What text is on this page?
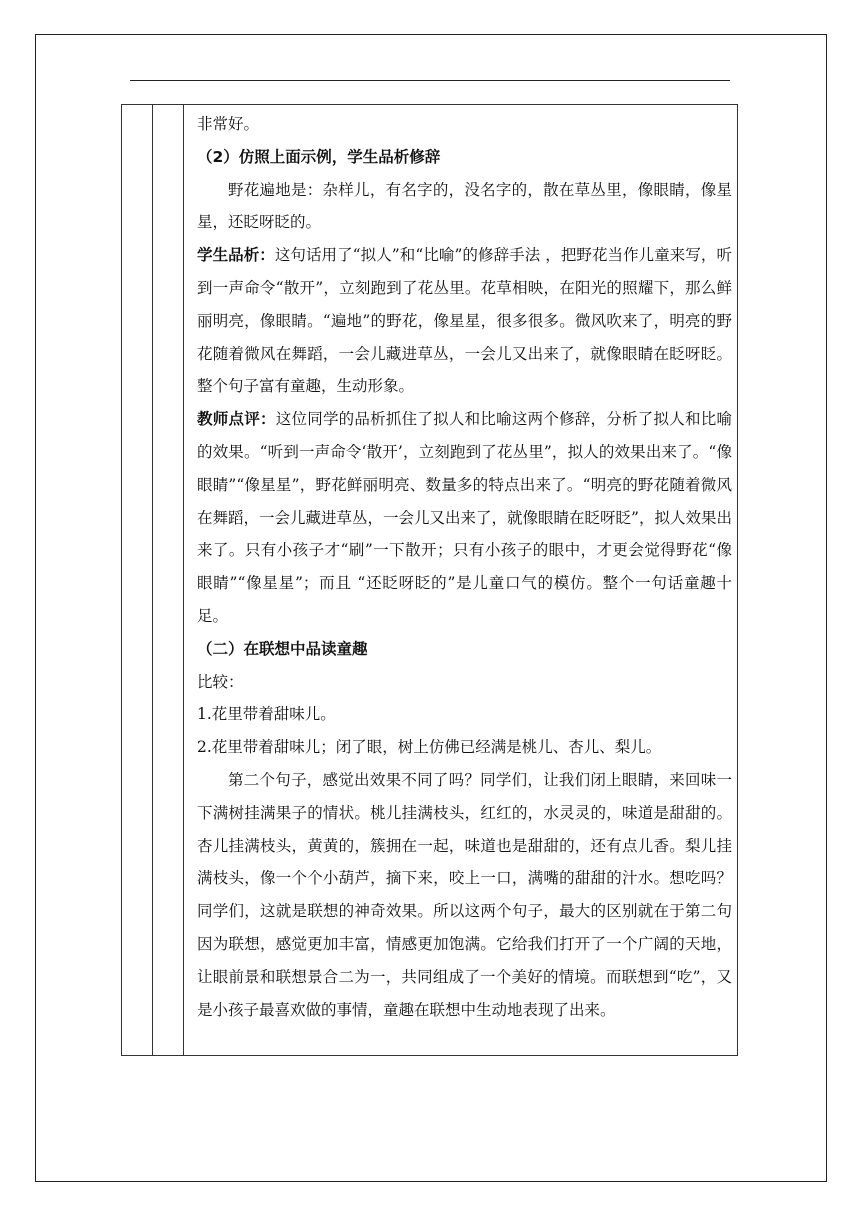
非常好。

（2）仿照上面示例，学生品析修辞

野花遍地是：杂样儿，有名字的，没名字的，散在草丛里，像眼睛，像星星，还眨呀眨的。

学生品析：这句话用了“拟人”和“比喻”的修辞手法 ，把野花当作儿童来写，听到一声命令“散开”，立刻跑到了花丛里。花草相映，在阳光的照耀下，那么鲜丽明亮，像眼睛。“遍地”的野花，像星星，很多很多。微风吹来了，明亮的野花随着微风在舞蹈，一会儿藏进草丛，一会儿又出来了，就像眼睛在眨呀眨。整个句子富有童趣，生动形象。

教师点评：这位同学的品析抓住了拟人和比喻这两个修辞，分析了拟人和比喻的效果。“听到一声命令‘散开’，立刻跑到了花丛里”，拟人的效果出来了。“像眼睛”“像星星”，野花鲜丽明亮、数量多的特点出来了。“明亮的野花随着微风在舞蹈，一会儿藏进草丛，一会儿又出来了，就像眼睛在眨呀眨”，拟人效果出来了。只有小孩子才“刷”一下散开；只有小孩子的眼中，才更会觉得野花“像眼睛”“像星星”；而且 “还眨呀眨的”是儿童口气的模仿。整个一句话童趣十足。

（二）在联想中品读童趣

比较：

1.花里带着甜味儿。

2.花里带着甜味儿；闭了眼，树上仿佛已经满是桃儿、杏儿、梨儿。

第二个句子，感觉出效果不同了吗？同学们，让我们闭上眼睛，来回味一下满树挂满果子的情状。桃儿挂满枝头，红红的，水灵灵的，味道是甜甜的。杏儿挂满枝头，黄黄的，簇拥在一起，味道也是甜甜的，还有点儿香。梨儿挂满枝头，像一个个小葫芦，摘下来，咬上一口，满嘴的甜甜的汁水。想吃吗？同学们，这就是联想的神奇效果。所以这两个句子，最大的区别就在于第二句因为联想，感觉更加丰富，情感更加饱满。它给我们打开了一个广阔的天地，让眼前景和联想景合二为一，共同组成了一个美好的情境。而联想到“吃”，又是小孩子最喜欢做的事情，童趣在联想中生动地表现了出来。
